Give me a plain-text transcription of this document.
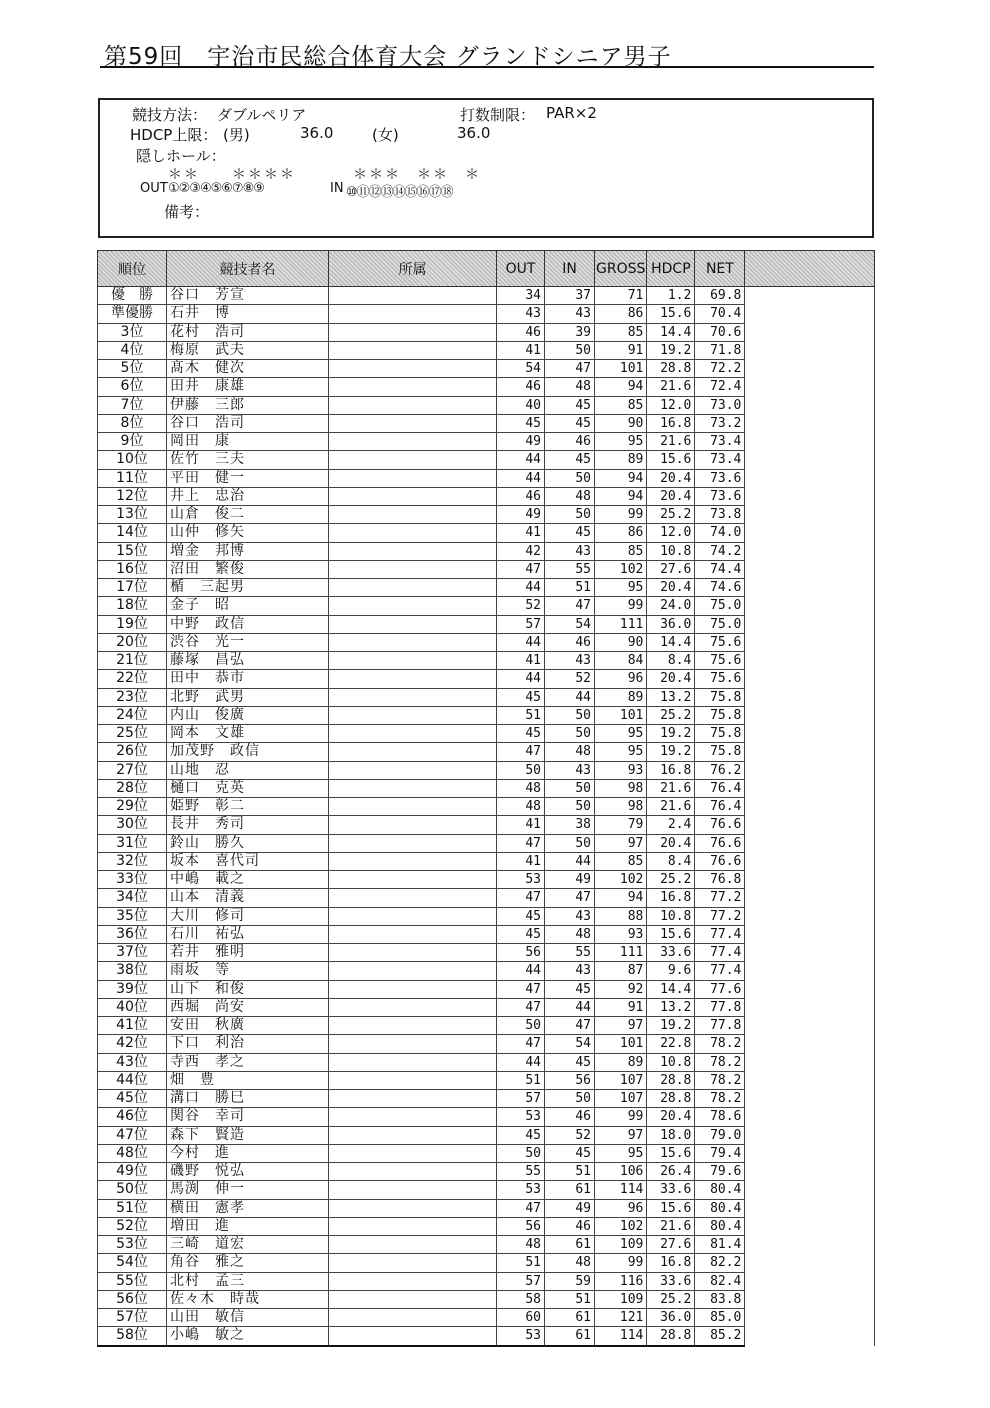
第59回　宇治市民総合体育大会 グランドシニア男子
競技方法： ダブルペリア	打数制限： PAR×2
HDCP上限： (男)	36.0	(女)	36.0
隠しホール：
＊＊　　＊＊＊＊	＊＊＊　＊＊　＊
OUT ①②③④⑤⑥⑦⑧⑨	IN ⑩⑪⑫⑬⑭⑮⑯⑰⑱
備考：
順位	競技者名	所属	OUT	IN	GROSS	HDCP	NET	
優　勝	谷口　芳宣		34	37	71	1.2	69.8	
準優勝	石井　博		43	43	86	15.6	70.4	
3位	花村　浩司		46	39	85	14.4	70.6	
4位	梅原　武夫		41	50	91	19.2	71.8	
5位	髙木　健次		54	47	101	28.8	72.2	
6位	田井　康雄		46	48	94	21.6	72.4	
7位	伊藤　三郎		40	45	85	12.0	73.0	
8位	谷口　浩司		45	45	90	16.8	73.2	
9位	岡田　康		49	46	95	21.6	73.4	
10位	佐竹　三夫		44	45	89	15.6	73.4	
11位	平田　健一		44	50	94	20.4	73.6	
12位	井上　忠治		46	48	94	20.4	73.6	
13位	山倉　俊二		49	50	99	25.2	73.8	
14位	山仲　修矢		41	45	86	12.0	74.0	
15位	増金　邦博		42	43	85	10.8	74.2	
16位	沼田　繁俊		47	55	102	27.6	74.4	
17位	楯　三起男		44	51	95	20.4	74.6	
18位	金子　昭		52	47	99	24.0	75.0	
19位	中野　政信		57	54	111	36.0	75.0	
20位	渋谷　光一		44	46	90	14.4	75.6	
21位	藤塚　昌弘		41	43	84	8.4	75.6	
22位	田中　恭市		44	52	96	20.4	75.6	
23位	北野　武男		45	44	89	13.2	75.8	
24位	内山　俊廣		51	50	101	25.2	75.8	
25位	岡本　文雄		45	50	95	19.2	75.8	
26位	加茂野　政信		47	48	95	19.2	75.8	
27位	山地　忍		50	43	93	16.8	76.2	
28位	樋口　克英		48	50	98	21.6	76.4	
29位	姫野　彰二		48	50	98	21.6	76.4	
30位	長井　秀司		41	38	79	2.4	76.6	
31位	鈴山　勝久		47	50	97	20.4	76.6	
32位	坂本　喜代司		41	44	85	8.4	76.6	
33位	中嶋　載之		53	49	102	25.2	76.8	
34位	山本　清義		47	47	94	16.8	77.2	
35位	大川　修司		45	43	88	10.8	77.2	
36位	石川　祐弘		45	48	93	15.6	77.4	
37位	若井　雅明		56	55	111	33.6	77.4	
38位	雨坂　等		44	43	87	9.6	77.4	
39位	山下　和俊		47	45	92	14.4	77.6	
40位	西堀　尚安		47	44	91	13.2	77.8	
41位	安田　秋廣		50	47	97	19.2	77.8	
42位	下口　利治		47	54	101	22.8	78.2	
43位	寺西　孝之		44	45	89	10.8	78.2	
44位	畑　豊		51	56	107	28.8	78.2	
45位	溝口　勝巳		57	50	107	28.8	78.2	
46位	関谷　幸司		53	46	99	20.4	78.6	
47位	森下　賢造		45	52	97	18.0	79.0	
48位	今村　進		50	45	95	15.6	79.4	
49位	磯野　悦弘		55	51	106	26.4	79.6	
50位	馬渕　伸一		53	61	114	33.6	80.4	
51位	横田　憲孝		47	49	96	15.6	80.4	
52位	増田　進		56	46	102	21.6	80.4	
53位	三崎　道宏		48	61	109	27.6	81.4	
54位	角谷　雅之		51	48	99	16.8	82.2	
55位	北村　孟三		57	59	116	33.6	82.4	
56位	佐々木　時哉		58	51	109	25.2	83.8	
57位	山田　敏信		60	61	121	36.0	85.0	
58位	小嶋　敏之		53	61	114	28.8	85.2	
